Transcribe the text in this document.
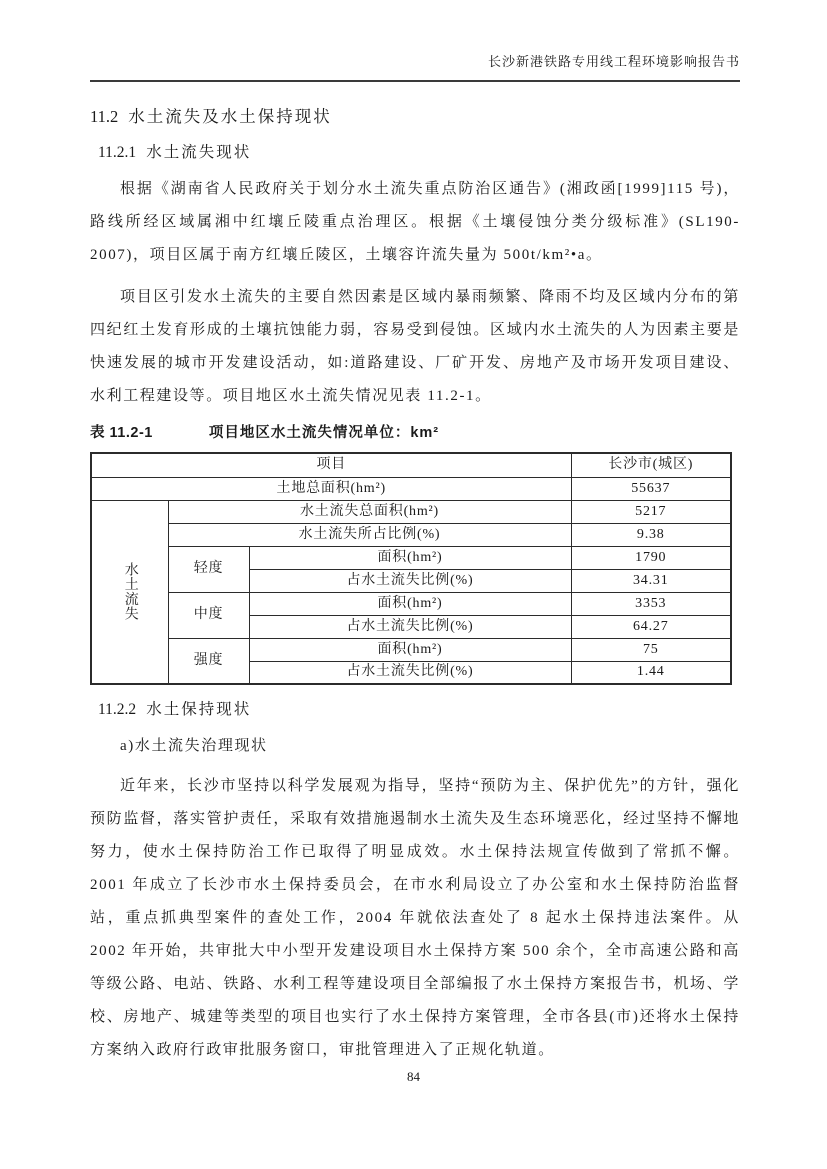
长沙新港铁路专用线工程环境影响报告书
11.2 水土流失及水土保持现状
11.2.1 水土流失现状

根据《湖南省人民政府关于划分水土流失重点防治区通告》(湘政函[1999]115 号)，路线所经区域属湘中红壤丘陵重点治理区。根据《土壤侵蚀分类分级标准》(SL190-2007)，项目区属于南方红壤丘陵区，土壤容许流失量为 500t/km²•a。

项目区引发水土流失的主要自然因素是区域内暴雨频繁、降雨不均及区域内分布的第四纪红土发育形成的土壤抗蚀能力弱，容易受到侵蚀。区域内水土流失的人为因素主要是快速发展的城市开发建设活动，如:道路建设、厂矿开发、房地产及市场开发项目建设、水利工程建设等。项目地区水土流失情况见表 11.2-1。

表 11.2-1	项目地区水土流失情况单位：km²
项目			长沙市(城区)
土地总面积(hm²)			55637
水土流失	水土流失总面积(hm²)		5217
	水土流失所占比例(%)		9.38
	轻度	面积(hm²)	1790
		占水土流失比例(%)	34.31
	中度	面积(hm²)	3353
		占水土流失比例(%)	64.27
	强度	面积(hm²)	75
		占水土流失比例(%)	1.44
11.2.2 水土保持现状
a)水土流失治理现状

近年来，长沙市坚持以科学发展观为指导，坚持“预防为主、保护优先”的方针，强化预防监督，落实管护责任，采取有效措施遏制水土流失及生态环境恶化，经过坚持不懈地努力，使水土保持防治工作已取得了明显成效。水土保持法规宣传做到了常抓不懈。2001 年成立了长沙市水土保持委员会，在市水利局设立了办公室和水土保持防治监督站，重点抓典型案件的查处工作，2004 年就依法查处了 8 起水土保持违法案件。从 2002 年开始，共审批大中小型开发建设项目水土保持方案 500 余个，全市高速公路和高等级公路、电站、铁路、水利工程等建设项目全部编报了水土保持方案报告书，机场、学校、房地产、城建等类型的项目也实行了水土保持方案管理，全市各县(市)还将水土保持方案纳入政府行政审批服务窗口，审批管理进入了正规化轨道。

84
